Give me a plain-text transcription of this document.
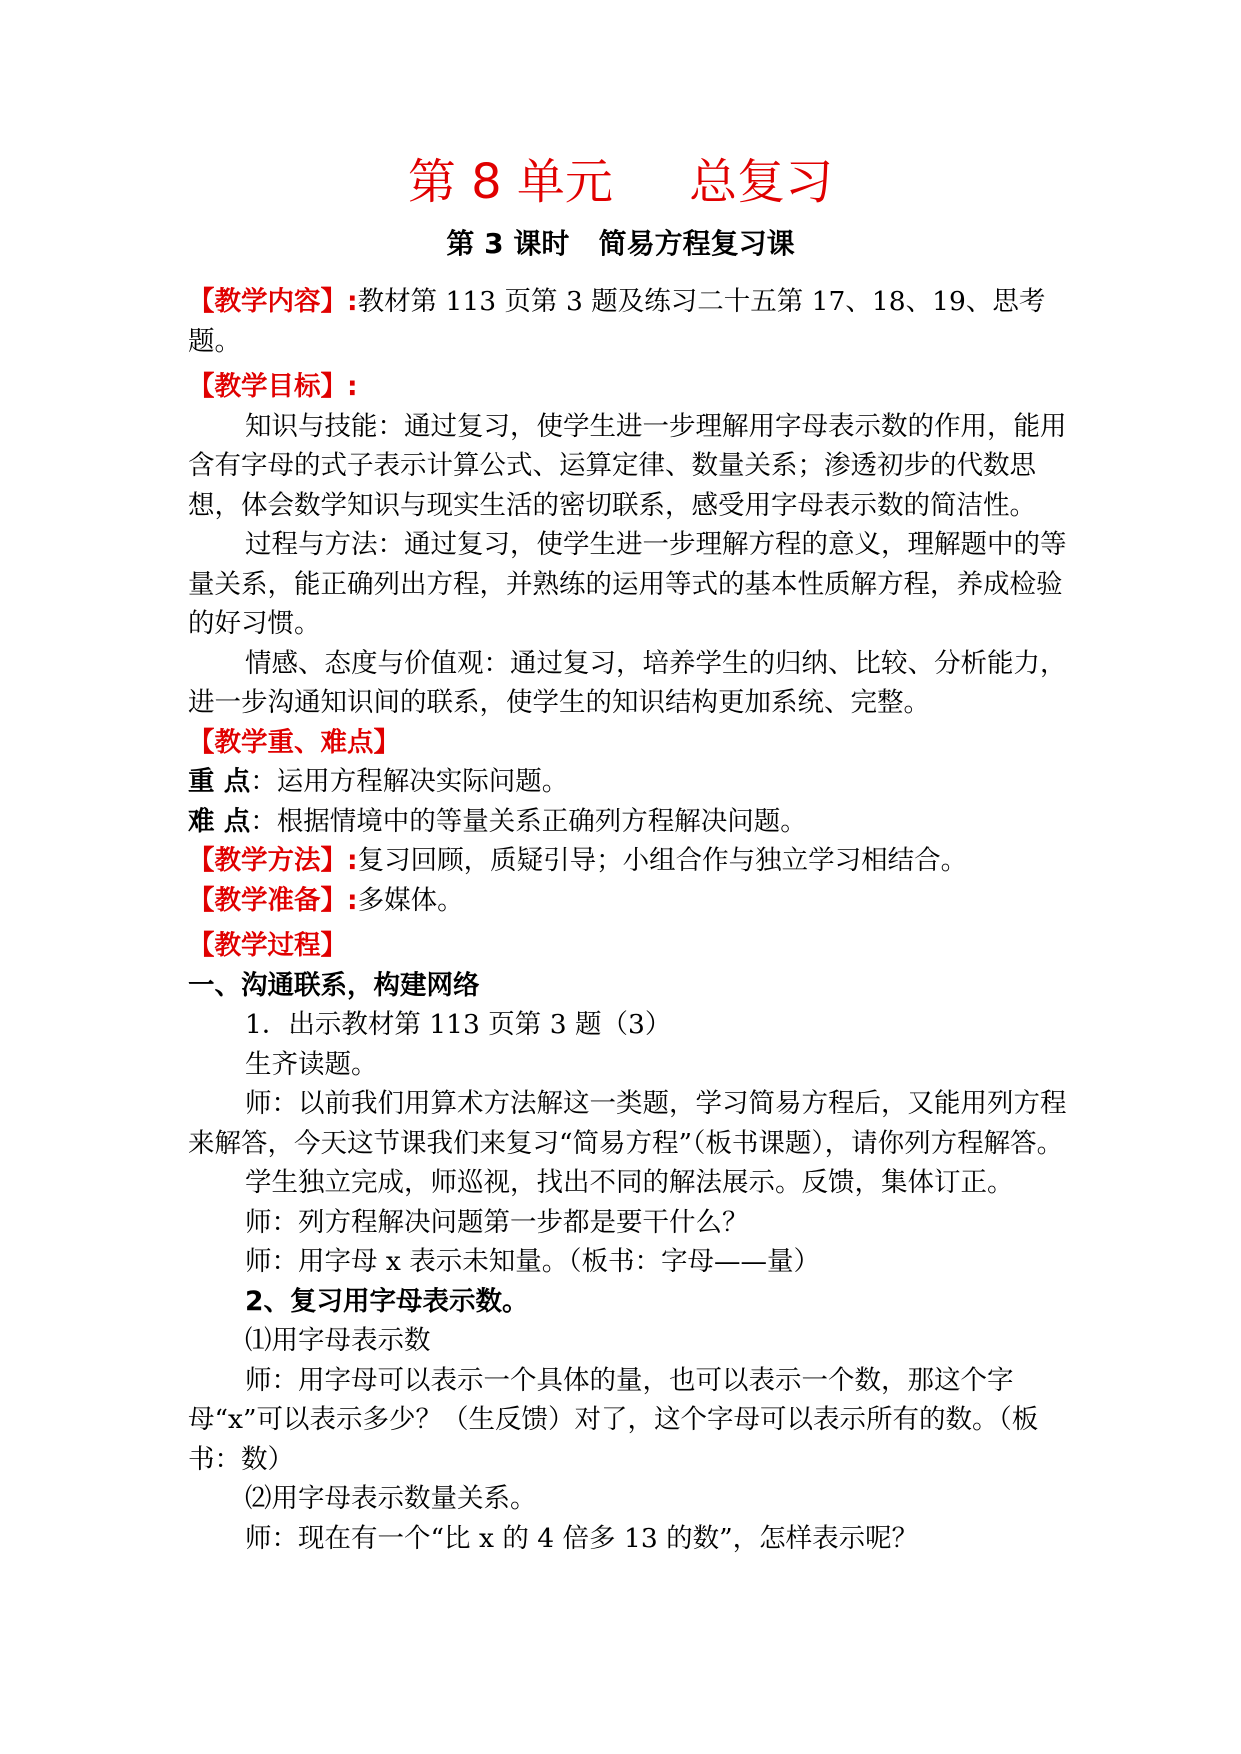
第 8 单元     总复习
第 3 课时   简易方程复习课

【教学内容】:教材第 113 页第 3 题及练习二十五第 17、18、19、思考题。

【教学目标】:

知识与技能：通过复习，使学生进一步理解用字母表示数的作用，能用含有字母的式子表示计算公式、运算定律、数量关系；渗透初步的代数思想，体会数学知识与现实生活的密切联系，感受用字母表示数的简洁性。

过程与方法：通过复习，使学生进一步理解方程的意义，理解题中的等量关系，能正确列出方程，并熟练的运用等式的基本性质解方程，养成检验的好习惯。

情感、态度与价值观：通过复习，培养学生的归纳、比较、分析能力，进一步沟通知识间的联系，使学生的知识结构更加系统、完整。

【教学重、难点】

重 点：运用方程解决实际问题。

难 点：根据情境中的等量关系正确列方程解决问题。

【教学方法】:复习回顾，质疑引导；小组合作与独立学习相结合。

【教学准备】:多媒体。

【教学过程】

一、沟通联系，构建网络

1．出示教材第 113 页第 3 题（3）

生齐读题。

师：以前我们用算术方法解这一类题，学习简易方程后，又能用列方程来解答，今天这节课我们来复习“简易方程”（板书课题），请你列方程解答。

学生独立完成，师巡视，找出不同的解法展示。反馈，集体订正。

师：列方程解决问题第一步都是要干什么？

师：用字母 x 表示未知量。（板书：字母——量）

2、复习用字母表示数。

⑴用字母表示数

师：用字母可以表示一个具体的量，也可以表示一个数，那这个字母“x”可以表示多少？（生反馈）对了，这个字母可以表示所有的数。（板书：数）

⑵用字母表示数量关系。

师：现在有一个“比 x 的 4 倍多 13 的数”，怎样表示呢？
